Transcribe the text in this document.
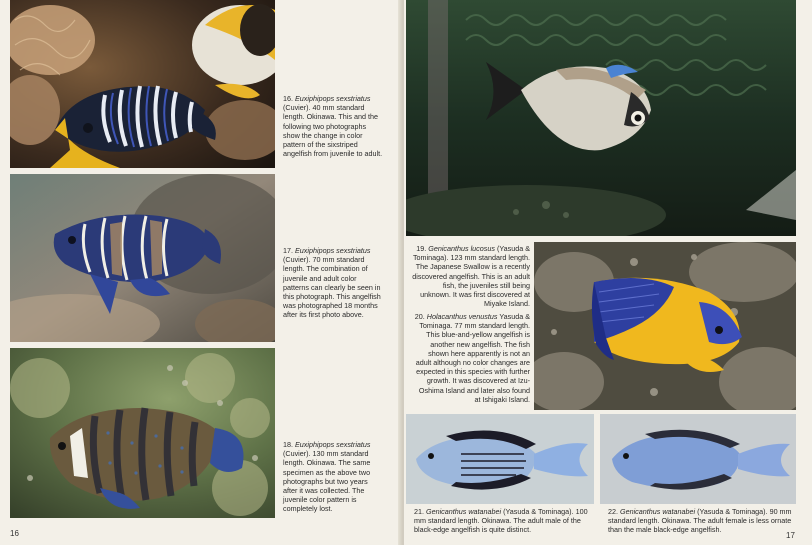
16. Euxiphipops sexstriatus (Cuvier). 40 mm standard length. Okinawa. This and the following two photographs show the change in color pattern of the sixstriped angelfish from juvenile to adult.

17. Euxiphipops sexstriatus (Cuvier). 70 mm standard length. The combination of juvenile and adult color patterns can clearly be seen in this photograph. This angelfish was photographed 18 months after its first photo above.

18. Euxiphipops sexstriatus (Cuvier). 130 mm standard length. Okinawa. The same specimen as the above two photographs but two years after it was collected. The juvenile color pattern is completely lost.

16

19. Genicanthus lucosus (Yasuda & Tominaga). 123 mm standard length. The Japanese Swallow is a recently discovered angelfish. This is an adult fish, the juveniles still being unknown. It was first discovered at Miyake Island.

20. Holacanthus venustus Yasuda & Tominaga. 77 mm standard length. This blue-and-yellow angelfish is another new angelfish. The fish shown here apparently is not an adult although no color changes are expected in this species with further growth. It was discovered at Izu-Oshima Island and later also found at Ishigaki Island.

21. Genicanthus watanabei (Yasuda & Tominaga). 100 mm standard length. Okinawa. The adult male of the black-edge angelfish is quite distinct.

22. Genicanthus watanabei (Yasuda & Tominaga). 90 mm standard length. Okinawa. The adult female is less ornate than the male black-edge angelfish.

17
